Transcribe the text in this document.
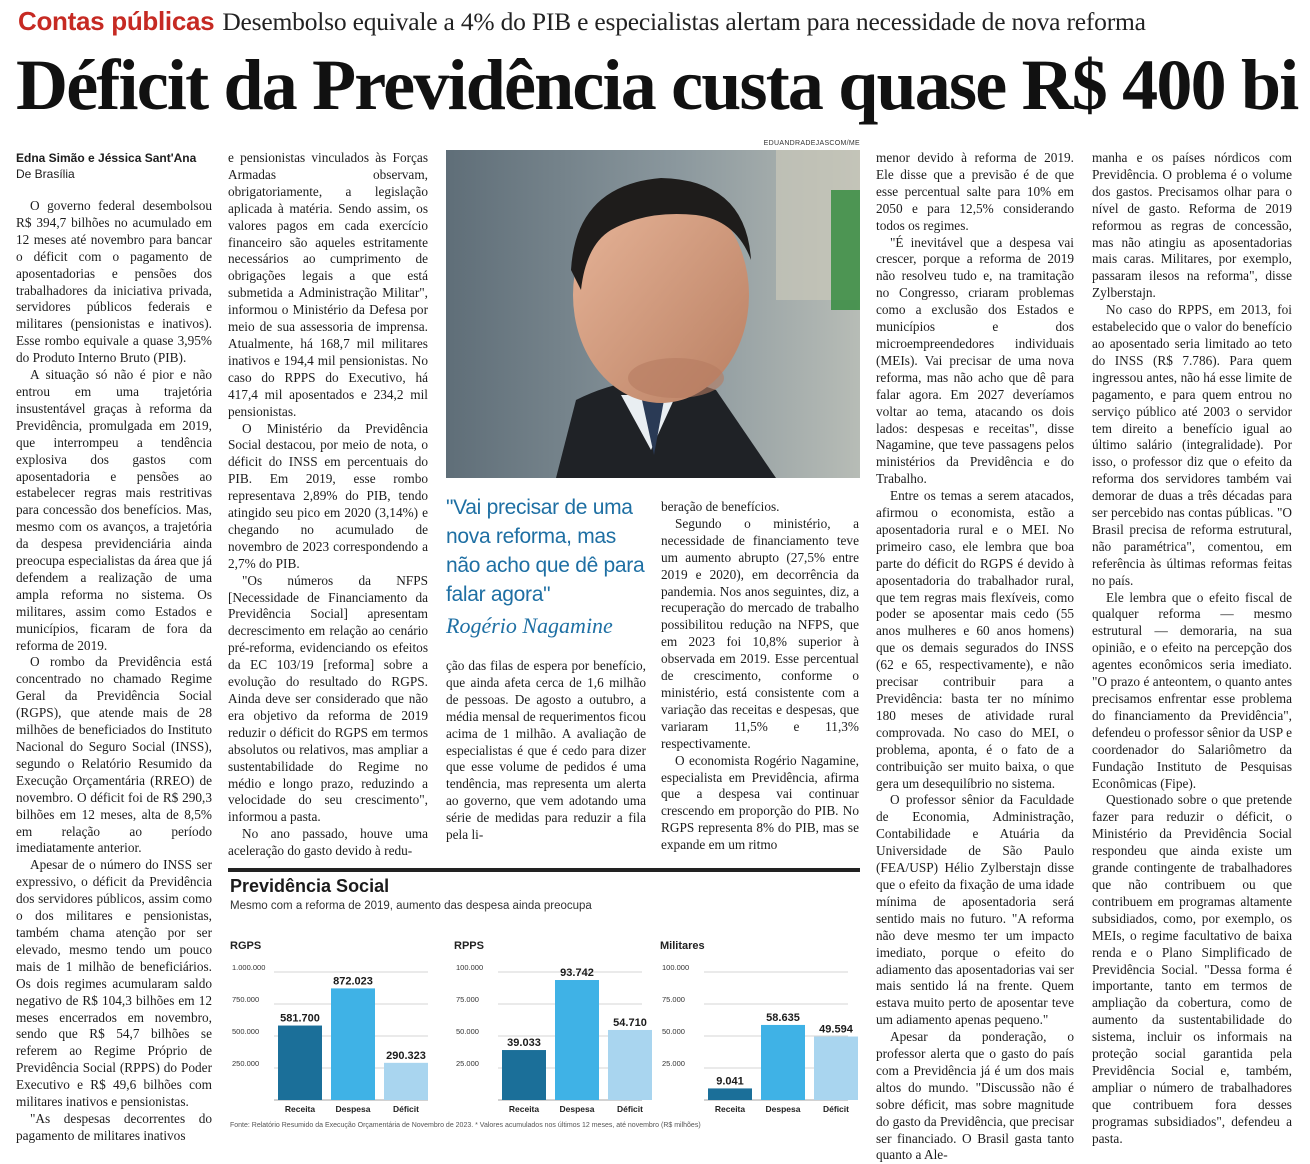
Contas públicas Desembolso equivale a 4% do PIB e especialistas alertam para necessidade de nova reforma
Déficit da Previdência custa quase R$ 400 bi
Edna Simão e Jéssica Sant'Ana
De Brasília

O governo federal desembolsou R$ 394,7 bilhões no acumulado em 12 meses até novembro para bancar o déficit com o pagamento de aposentadorias e pensões dos trabalhadores da iniciativa privada, servidores públicos federais e militares (pensionistas e inativos). Esse rombo equivale a quase 3,95% do Produto Interno Bruto (PIB).

A situação só não é pior e não entrou em uma trajetória insustentável graças à reforma da Previdência, promulgada em 2019, que interrompeu a tendência explosiva dos gastos com aposentadoria e pensões ao estabelecer regras mais restritivas para concessão dos benefícios. Mas, mesmo com os avanços, a trajetória da despesa previdenciária ainda preocupa especialistas da área que já defendem a realização de uma ampla reforma no sistema. Os militares, assim como Estados e municípios, ficaram de fora da reforma de 2019.

O rombo da Previdência está concentrado no chamado Regime Geral da Previdência Social (RGPS), que atende mais de 28 milhões de beneficiados do Instituto Nacional do Seguro Social (INSS), segundo o Relatório Resumido da Execução Orçamentária (RREO) de novembro. O déficit foi de R$ 290,3 bilhões em 12 meses, alta de 8,5% em relação ao período imediatamente anterior.

Apesar de o número do INSS ser expressivo, o déficit da Previdência dos servidores públicos, assim como o dos militares e pensionistas, também chama atenção por ser elevado, mesmo tendo um pouco mais de 1 milhão de beneficiários. Os dois regimes acumularam saldo negativo de R$ 104,3 bilhões em 12 meses encerrados em novembro, sendo que R$ 54,7 bilhões se referem ao Regime Próprio de Previdência Social (RPPS) do Poder Executivo e R$ 49,6 bilhões com militares inativos e pensionistas.

"As despesas decorrentes do pagamento de militares inativos

e pensionistas vinculados às Forças Armadas observam, obrigatoriamente, a legislação aplicada à matéria. Sendo assim, os valores pagos em cada exercício financeiro são aqueles estritamente necessários ao cumprimento de obrigações legais a que está submetida a Administração Militar", informou o Ministério da Defesa por meio de sua assessoria de imprensa. Atualmente, há 168,7 mil militares inativos e 194,4 mil pensionistas. No caso do RPPS do Executivo, há 417,4 mil aposentados e 234,2 mil pensionistas.

O Ministério da Previdência Social destacou, por meio de nota, o déficit do INSS em percentuais do PIB. Em 2019, esse rombo representava 2,89% do PIB, tendo atingido seu pico em 2020 (3,14%) e chegando no acumulado de novembro de 2023 correspondendo a 2,7% do PIB.

"Os números da NFPS [Necessidade de Financiamento da Previdência Social] apresentam decrescimento em relação ao cenário pré-reforma, evidenciando os efeitos da EC 103/19 [reforma] sobre a evolução do resultado do RGPS. Ainda deve ser considerado que não era objetivo da reforma de 2019 reduzir o déficit do RGPS em termos absolutos ou relativos, mas ampliar a sustentabilidade do Regime no médio e longo prazo, reduzindo a velocidade do seu crescimento", informou a pasta.

No ano passado, houve uma aceleração do gasto devido à redu-

EDUANDRADEJASCOM/ME
"Vai precisar de uma nova reforma, mas não acho que dê para falar agora"
Rogério Nagamine

ção das filas de espera por benefício, que ainda afeta cerca de 1,6 milhão de pessoas. De agosto a outubro, a média mensal de requerimentos ficou acima de 1 milhão. A avaliação de especialistas é que é cedo para dizer que esse volume de pedidos é uma tendência, mas representa um alerta ao governo, que vem adotando uma série de medidas para reduzir a fila pela li-

beração de benefícios.

Segundo o ministério, a necessidade de financiamento teve um aumento abrupto (27,5% entre 2019 e 2020), em decorrência da pandemia. Nos anos seguintes, diz, a recuperação do mercado de trabalho possibilitou redução na NFPS, que em 2023 foi 10,8% superior à observada em 2019. Esse percentual de crescimento, conforme o ministério, está consistente com a variação das receitas e despesas, que variaram 11,5% e 11,3% respectivamente.

O economista Rogério Nagamine, especialista em Previdência, afirma que a despesa vai continuar crescendo em proporção do PIB. No RGPS representa 8% do PIB, mas se expande em um ritmo

menor devido à reforma de 2019. Ele disse que a previsão é de que esse percentual salte para 10% em 2050 e para 12,5% considerando todos os regimes.

"É inevitável que a despesa vai crescer, porque a reforma de 2019 não resolveu tudo e, na tramitação no Congresso, criaram problemas como a exclusão dos Estados e municípios e dos microempreendedores individuais (MEIs). Vai precisar de uma nova reforma, mas não acho que dê para falar agora. Em 2027 deveríamos voltar ao tema, atacando os dois lados: despesas e receitas", disse Nagamine, que teve passagens pelos ministérios da Previdência e do Trabalho.

Entre os temas a serem atacados, afirmou o economista, estão a aposentadoria rural e o MEI. No primeiro caso, ele lembra que boa parte do déficit do RGPS é devido à aposentadoria do trabalhador rural, que tem regras mais flexíveis, como poder se aposentar mais cedo (55 anos mulheres e 60 anos homens) que os demais segurados do INSS (62 e 65, respectivamente), e não precisar contribuir para a Previdência: basta ter no mínimo 180 meses de atividade rural comprovada. No caso do MEI, o problema, aponta, é o fato de a contribuição ser muito baixa, o que gera um desequilíbrio no sistema.

O professor sênior da Faculdade de Economia, Administração, Contabilidade e Atuária da Universidade de São Paulo (FEA/USP) Hélio Zylberstajn disse que o efeito da fixação de uma idade mínima de aposentadoria será sentido mais no futuro. "A reforma não deve mesmo ter um impacto imediato, porque o efeito do adiamento das aposentadorias vai ser mais sentido lá na frente. Quem estava muito perto de aposentar teve um adiamento apenas pequeno."

Apesar da ponderação, o professor alerta que o gasto do país com a Previdência já é um dos mais altos do mundo. "Discussão não é sobre déficit, mas sobre magnitude do gasto da Previdência, que precisar ser financiado. O Brasil gasta tanto quanto a Ale-

manha e os países nórdicos com Previdência. O problema é o volume dos gastos. Precisamos olhar para o nível de gasto. Reforma de 2019 reformou as regras de concessão, mas não atingiu as aposentadorias mais caras. Militares, por exemplo, passaram ilesos na reforma", disse Zylberstajn.

No caso do RPPS, em 2013, foi estabelecido que o valor do benefício ao aposentado seria limitado ao teto do INSS (R$ 7.786). Para quem ingressou antes, não há esse limite de pagamento, e para quem entrou no serviço público até 2003 o servidor tem direito a benefício igual ao último salário (integralidade). Por isso, o professor diz que o efeito da reforma dos servidores também vai demorar de duas a três décadas para ser percebido nas contas públicas. "O Brasil precisa de reforma estrutural, não paramétrica", comentou, em referência às últimas reformas feitas no país.

Ele lembra que o efeito fiscal de qualquer reforma — mesmo estrutural — demoraria, na sua opinião, e o efeito na percepção dos agentes econômicos seria imediato. "O prazo é anteontem, o quanto antes precisamos enfrentar esse problema do financiamento da Previdência", defendeu o professor sênior da USP e coordenador do Salariômetro da Fundação Instituto de Pesquisas Econômicas (Fipe).

Questionado sobre o que pretende fazer para reduzir o déficit, o Ministério da Previdência Social respondeu que ainda existe um grande contingente de trabalhadores que não contribuem ou que contribuem em programas altamente subsidiados, como, por exemplo, os MEIs, o regime facultativo de baixa renda e o Plano Simplificado de Previdência Social. "Dessa forma é importante, tanto em termos de ampliação da cobertura, como de aumento da sustentabilidade do sistema, incluir os informais na proteção social garantida pela Previdência Social e, também, ampliar o número de trabalhadores que contribuem fora desses programas subsidiados", defendeu a pasta.

Previdência Social
Mesmo com a reforma de 2019, aumento das despesa ainda preocupa
RGPS
250.000
500.000
750.000
1.000.000
581.700
Receita
872.023
Despesa
290.323
Déficit
RPPS
25.000
50.000
75.000
100.000
39.033
Receita
93.742
Despesa
54.710
Déficit
Militares
25.000
50.000
75.000
100.000
9.041
Receita
58.635
Despesa
49.594
Déficit
Fonte: Relatório Resumido da Execução Orçamentária de Novembro de 2023. * Valores acumulados nos últimos 12 meses, até novembro (R$ milhões)
